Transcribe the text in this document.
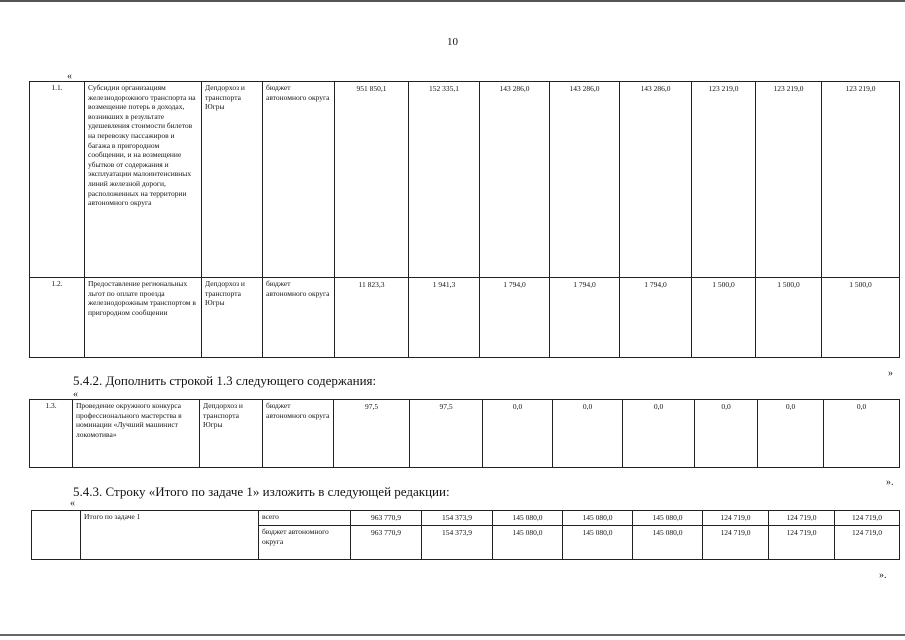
10
«
1.1.	Субсидии организациям железнодорожного транспорта на возмещение потерь в доходах, возникших в результате удешевления стоимости билетов на перевозку пассажиров и багажа в пригородном сообщении, и на возмещение убытков от содержания и эксплуатации малоинтенсивных линий железной дороги, расположенных на территории автономного округа	Депдорхоз и транспорта Югры	бюджет автономного округа	951 850,1	152 335,1	143 286,0	143 286,0	143 286,0	123 219,0	123 219,0	123 219,0
1.2.	Предоставление региональных льгот по оплате проезда железнодорожным транспортом в пригородном сообщении	Депдорхоз и транспорта Югры	бюджет автономного округа	11 823,3	1 941,3	1 794,0	1 794,0	1 794,0	1 500,0	1 500,0	1 500,0
»
5.4.2. Дополнить строкой 1.3 следующего содержания:
«
1.3.	Проведение окружного конкурса профессионального мастерства в номинации «Лучший машинист локомотива»	Депдорхоз и транспорта Югры	бюджет автономного округа	97,5	97,5	0,0	0,0	0,0	0,0	0,0	0,0
».
5.4.3. Строку «Итого по задаче 1» изложить в следующей редакции:
«
	Итого по задаче 1	всего	963 770,9	154 373,9	145 080,0	145 080,0	145 080,0	124 719,0	124 719,0	124 719,0
		бюджет автономного округа	963 770,9	154 373,9	145 080,0	145 080,0	145 080,0	124 719,0	124 719,0	124 719,0
».
